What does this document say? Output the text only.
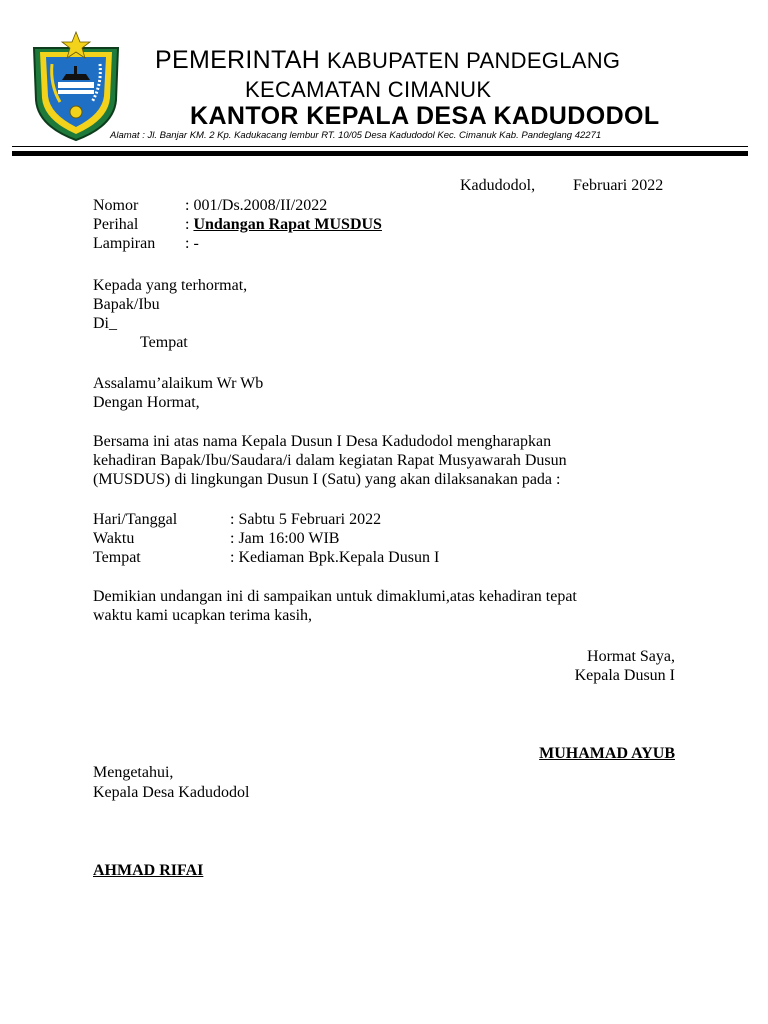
PEMERINTAH KABUPATEN PANDEGLANG
KECAMATAN CIMANUK
KANTOR KEPALA DESA KADUDODOL
Alamat : Jl. Banjar KM. 2 Kp. Kadukacang lembur RT. 10/05 Desa Kadudodol Kec. Cimanuk Kab. Pandeglang 42271
Kadudodol, Februari 2022
Nomor	: 001/Ds.2008/II/2022
Perihal	: Undangan Rapat MUSDUS
Lampiran : -
Kepada yang terhormat,
Bapak/Ibu
Di_
Tempat
Assalamu’alaikum Wr Wb
Dengan Hormat,
Bersama ini atas nama Kepala Dusun I Desa Kadudodol mengharapkan
kehadiran Bapak/Ibu/Saudara/i dalam kegiatan Rapat Musyawarah Dusun
(MUSDUS) di lingkungan Dusun I (Satu) yang akan dilaksanakan pada :
Hari/Tanggal	: Sabtu 5 Februari 2022
Waktu	: Jam 16:00 WIB
Tempat	: Kediaman Bpk.Kepala Dusun I
Demikian undangan ini di sampaikan untuk dimaklumi,atas kehadiran tepat
waktu kami ucapkan terima kasih,
Hormat Saya,
Kepala Dusun I
MUHAMAD AYUB
Mengetahui,
Kepala Desa Kadudodol
AHMAD RIFAI
